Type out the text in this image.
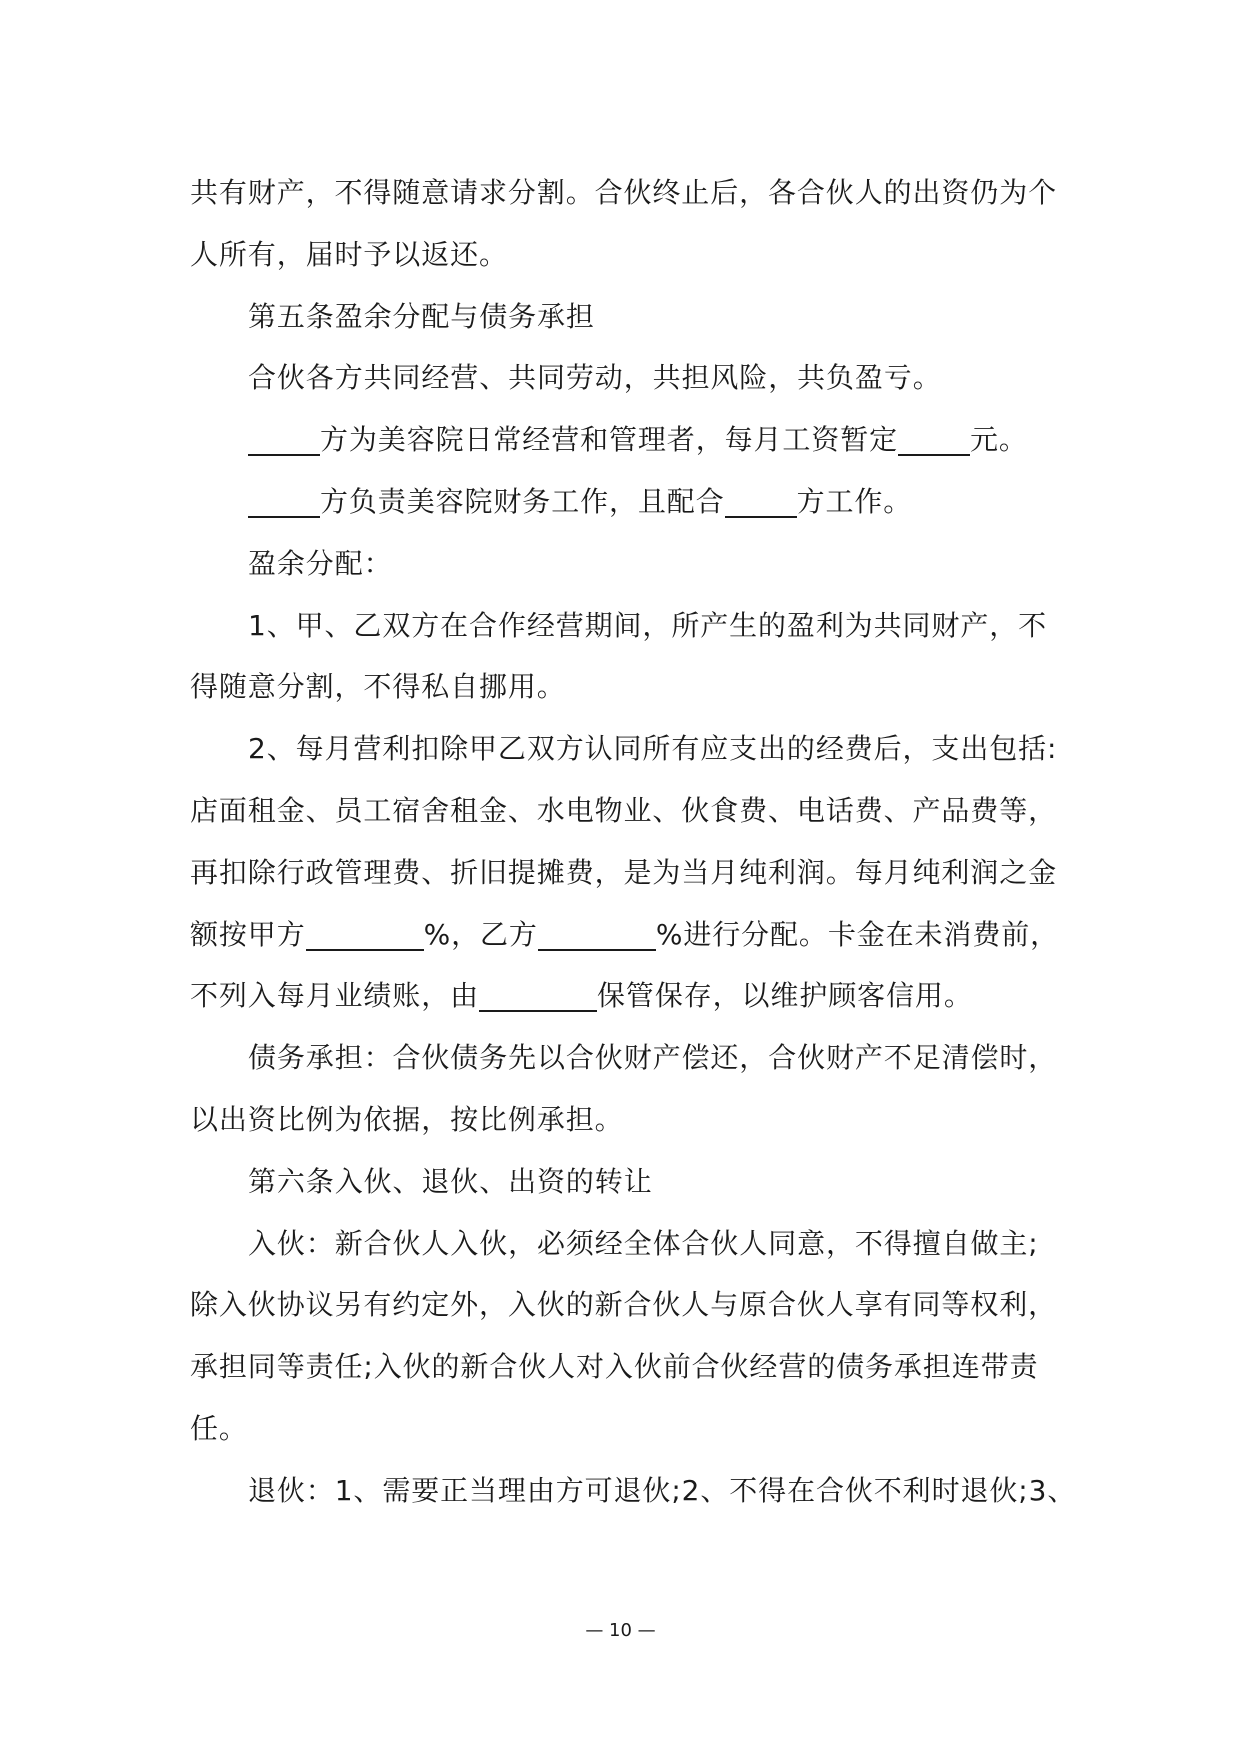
共有财产，不得随意请求分割。合伙终止后，各合伙人的出资仍为个
人所有，届时予以返还。
第五条盈余分配与债务承担
合伙各方共同经营、共同劳动，共担风险，共负盈亏。
方为美容院日常经营和管理者，每月工资暂定	元。
方负责美容院财务工作，且配合	方工作。
盈余分配：
1、甲、乙双方在合作经营期间，所产生的盈利为共同财产，不
得随意分割，不得私自挪用。
2、每月营利扣除甲乙双方认同所有应支出的经费后，支出包括:
店面租金、员工宿舍租金、水电物业、伙食费、电话费、产品费等，
再扣除行政管理费、折旧提摊费，是为当月纯利润。每月纯利润之金
额按甲方	%，乙方	%进行分配。卡金在未消费前，
不列入每月业绩账，由	保管保存，以维护顾客信用。
债务承担：合伙债务先以合伙财产偿还，合伙财产不足清偿时，
以出资比例为依据，按比例承担。
第六条入伙、退伙、出资的转让
入伙：新合伙人入伙，必须经全体合伙人同意，不得擅自做主;
除入伙协议另有约定外，入伙的新合伙人与原合伙人享有同等权利，
承担同等责任;入伙的新合伙人对入伙前合伙经营的债务承担连带责
任。
退伙：1、需要正当理由方可退伙;2、不得在合伙不利时退伙;3、
— 10 —
